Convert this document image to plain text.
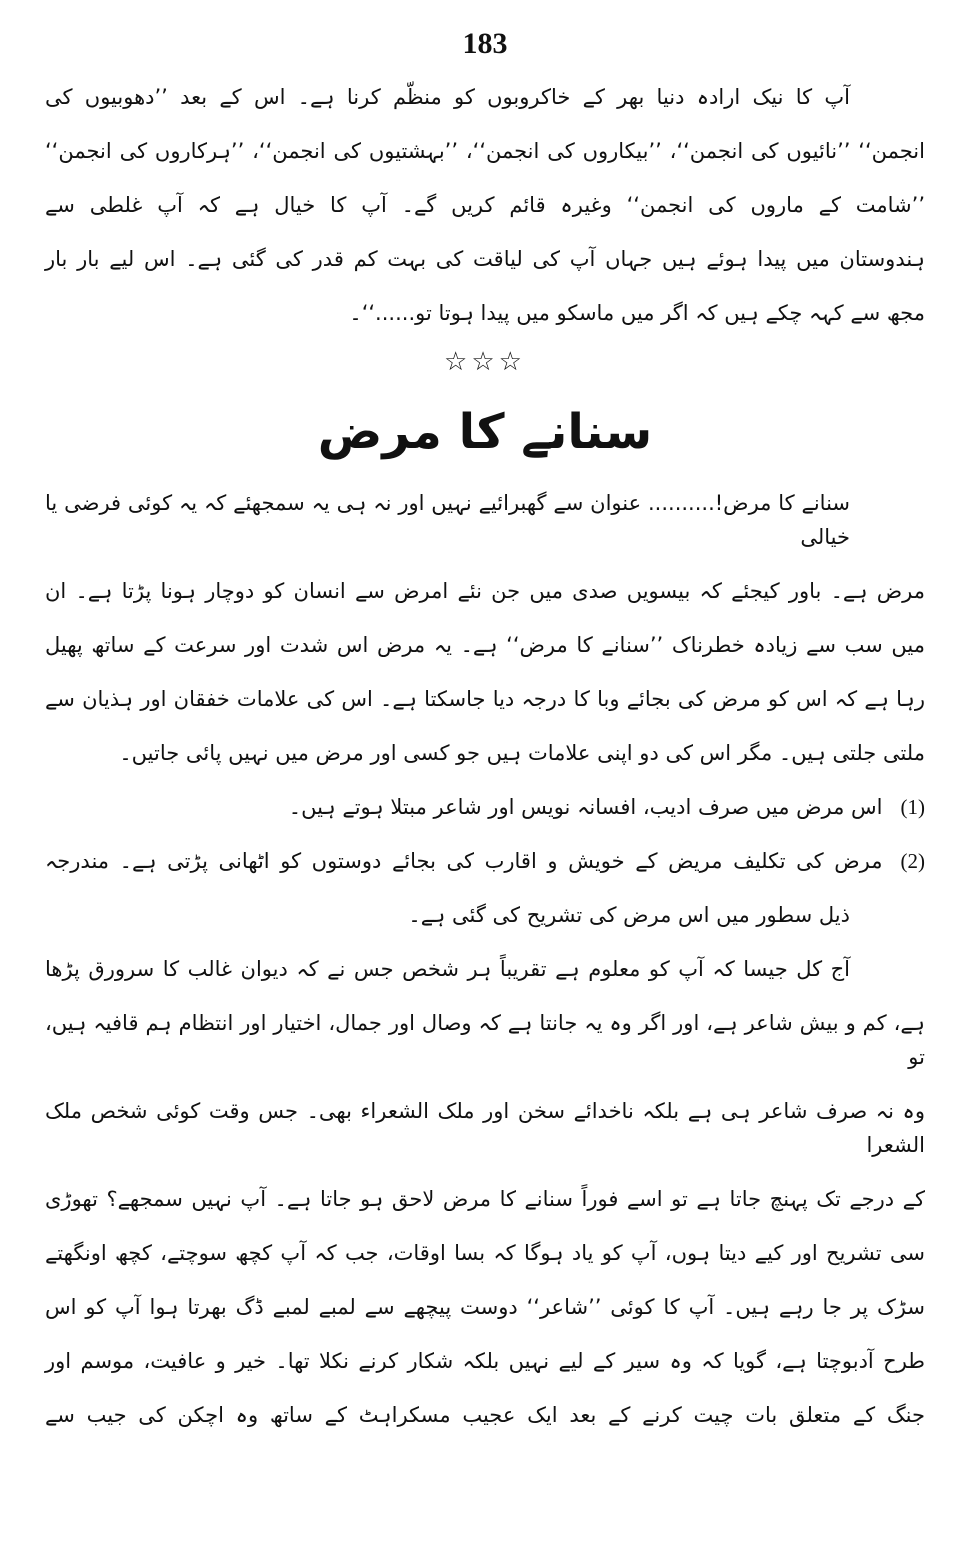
183
آپ کا نیک ارادہ دنیا بھر کے خاکروبوں کو منظّم کرنا ہے۔ اس کے بعد ’’دھوبیوں کی
انجمن‘‘ ’’نائیوں کی انجمن‘‘، ’’بیکاروں کی انجمن‘‘، ’’بہشتیوں کی انجمن‘‘، ’’ہرکاروں کی انجمن‘‘
’’شامت کے ماروں کی انجمن‘‘ وغیرہ قائم کریں گے۔ آپ کا خیال ہے کہ آپ غلطی سے
ہندوستان میں پیدا ہوئے ہیں جہاں آپ کی لیاقت کی بہت کم قدر کی گئی ہے۔ اس لیے بار بار
مجھ سے کہہ چکے ہیں کہ اگر میں ماسکو میں پیدا ہوتا تو......‘‘۔
☆☆☆
سنانے کا مرض
سنانے کا مرض!.......... عنوان سے گھبرائیے نہیں اور نہ ہی یہ سمجھئے کہ یہ کوئی فرضی یا خیالی
مرض ہے۔ باور کیجئے کہ بیسویں صدی میں جن نئے امرض سے انسان کو دوچار ہونا پڑتا ہے۔ ان
میں سب سے زیادہ خطرناک ’’سنانے کا مرض‘‘ ہے۔ یہ مرض اس شدت اور سرعت کے ساتھ پھیل
رہا ہے کہ اس کو مرض کی بجائے وبا کا درجہ دیا جاسکتا ہے۔ اس کی علامات خفقان اور ہذیان سے
ملتی جلتی ہیں۔ مگر اس کی دو اپنی علامات ہیں جو کسی اور مرض میں نہیں پائی جاتیں۔
(1)اس مرض میں صرف ادیب، افسانہ نویس اور شاعر مبتلا ہوتے ہیں۔
(2)مرض کی تکلیف مریض کے خویش و اقارب کی بجائے دوستوں کو اٹھانی پڑتی ہے۔ مندرجہ
ذیل سطور میں اس مرض کی تشریح کی گئی ہے۔
آج کل جیسا کہ آپ کو معلوم ہے تقریباً ہر شخص جس نے کہ دیوان غالب کا سرورق پڑھا
ہے، کم و بیش شاعر ہے، اور اگر وہ یہ جانتا ہے کہ وصال اور جمال، اختیار اور انتظام ہم قافیہ ہیں، تو
وہ نہ صرف شاعر ہی ہے بلکہ ناخدائے سخن اور ملک الشعراء بھی۔ جس وقت کوئی شخص ملک الشعرا
کے درجے تک پہنچ جاتا ہے تو اسے فوراً سنانے کا مرض لاحق ہو جاتا ہے۔ آپ نہیں سمجھے؟ تھوڑی
سی تشریح اور کیے دیتا ہوں، آپ کو یاد ہوگا کہ بسا اوقات، جب کہ آپ کچھ سوچتے، کچھ اونگھتے
سڑک پر جا رہے ہیں۔ آپ کا کوئی ’’شاعر‘‘ دوست پیچھے سے لمبے لمبے ڈگ بھرتا ہوا آپ کو اس
طرح آدبوچتا ہے، گویا کہ وہ سیر کے لیے نہیں بلکہ شکار کرنے نکلا تھا۔ خیر و عافیت، موسم اور
جنگ کے متعلق بات چیت کرنے کے بعد ایک عجیب مسکراہٹ کے ساتھ وہ اچکن کی جیب سے
